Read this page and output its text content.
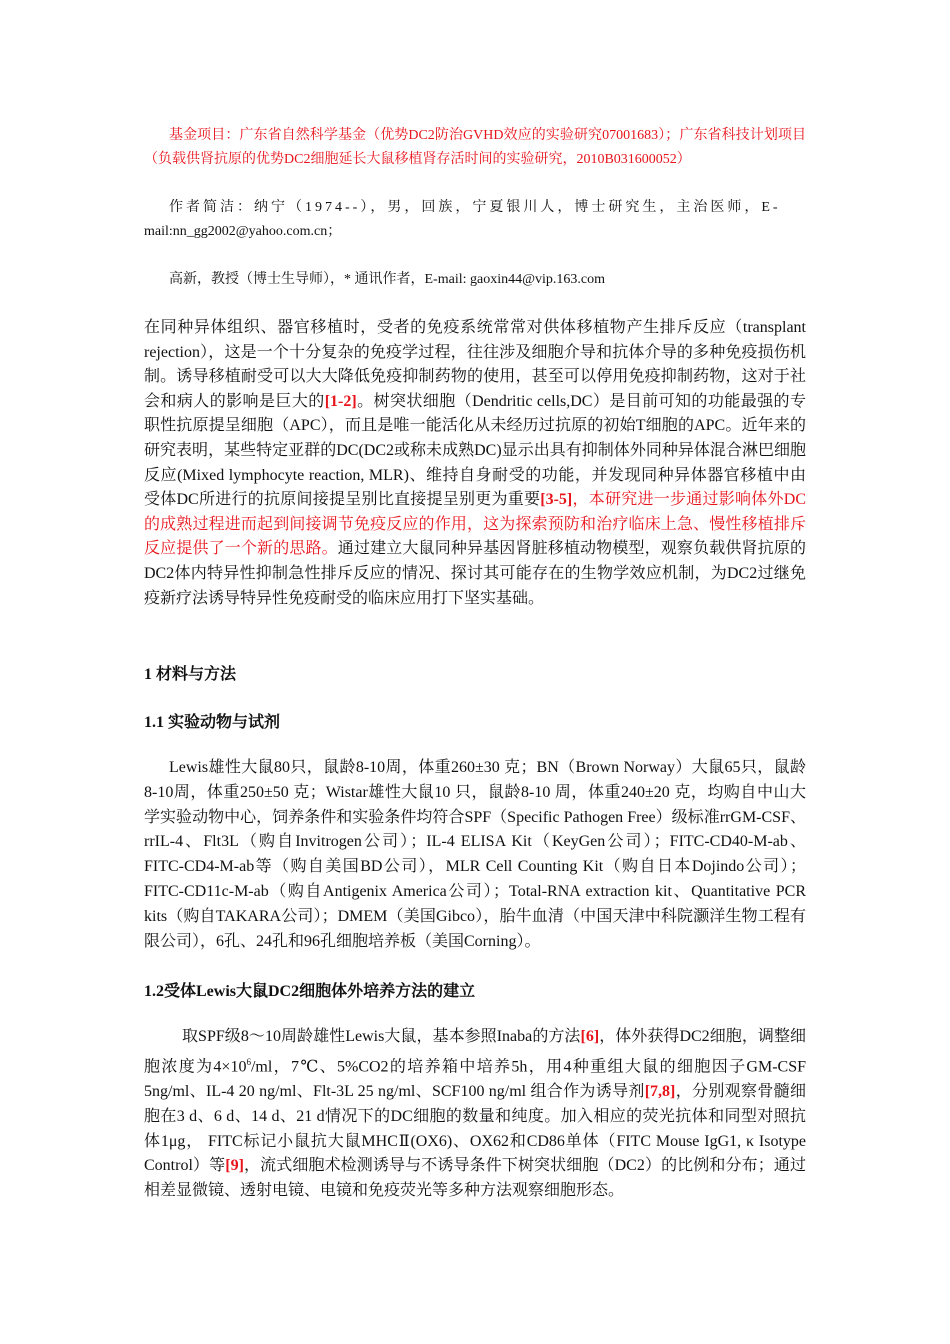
基金项目：广东省自然科学基金（优势DC2防治GVHD效应的实验研究07001683）；广东省科技计划项目（负载供肾抗原的优势DC2细胞延长大鼠移植肾存活时间的实验研究，2010B031600052）
作者简洁：纳宁（1974--），男，回族，宁夏银川人，博士研究生，主治医师，E-
mail:nn_gg2002@yahoo.com.cn；
高新，教授（博士生导师），* 通讯作者，E-mail: gaoxin44@vip.163.com
在同种异体组织、器官移植时，受者的免疫系统常常对供体移植物产生排斥反应（transplant rejection），这是一个十分复杂的免疫学过程，往往涉及细胞介导和抗体介导的多种免疫损伤机制。诱导移植耐受可以大大降低免疫抑制药物的使用，甚至可以停用免疫抑制药物，这对于社会和病人的影响是巨大的[1-2]。树突状细胞（Dendritic cells,DC）是目前可知的功能最强的专职性抗原提呈细胞（APC），而且是唯一能活化从未经历过抗原的初始T细胞的APC。近年来的研究表明，某些特定亚群的DC(DC2或称未成熟DC)显示出具有抑制体外同种异体混合淋巴细胞反应(Mixed lymphocyte reaction, MLR)、维持自身耐受的功能，并发现同种异体器官移植中由受体DC所进行的抗原间接提呈别比直接提呈别更为重要[3-5]，本研究进一步通过影响体外DC的成熟过程进而起到间接调节免疫反应的作用，这为探索预防和治疗临床上急、慢性移植排斥反应提供了一个新的思路。通过建立大鼠同种异基因肾脏移植动物模型，观察负载供肾抗原的DC2体内特异性抑制急性排斥反应的情况、探讨其可能存在的生物学效应机制，为DC2过继免疫新疗法诱导特异性免疫耐受的临床应用打下坚实基础。
1 材料与方法
1.1 实验动物与试剂
Lewis雄性大鼠80只，鼠龄8-10周，体重260±30 克；BN（Brown Norway）大鼠65只，鼠龄8-10周，体重250±50 克；Wistar雄性大鼠10 只，鼠龄8-10 周，体重240±20 克，均购自中山大学实验动物中心，饲养条件和实验条件均符合SPF（Specific Pathogen Free）级标准rrGM-CSF、rrIL-4、Flt3L（购自Invitrogen公司）；IL-4 ELISA Kit（KeyGen公司）；FITC-CD40-M-ab、FITC-CD4-M-ab等（购自美国BD公司），MLR Cell Counting Kit（购自日本Dojindo公司）；FITC-CD11c-M-ab（购自Antigenix America公司）；Total-RNA extraction kit、Quantitative PCR kits（购自TAKARA公司）；DMEM（美国Gibco），胎牛血清（中国天津中科院灏洋生物工程有限公司），6孔、24孔和96孔细胞培养板（美国Corning）。
1.2受体Lewis大鼠DC2细胞体外培养方法的建立
取SPF级8～10周龄雄性Lewis大鼠，基本参照Inaba的方法[6]，体外获得DC2细胞，调整细胞浓度为$4\times 10^6/ml$，7℃、5%CO2的培养箱中培养5h，用4种重组大鼠的细胞因子GM-CSF 5ng/ml、IL-4 20 ng/ml、Flt-3L 25 ng/ml、SCF100 ng/ml 组合作为诱导剂[7,8]，分别观察骨髓细胞在3 d、6 d、14 d、21 d情况下的DC细胞的数量和纯度。加入相应的荧光抗体和同型对照抗体1μg， FITC标记小鼠抗大鼠MHCⅡ(OX6)、OX62和CD86单体（FITC Mouse IgG1, κ Isotype Control）等[9]，流式细胞术检测诱导与不诱导条件下树突状细胞（DC2）的比例和分布；通过相差显微镜、透射电镜、电镜和免疫荧光等多种方法观察细胞形态。
